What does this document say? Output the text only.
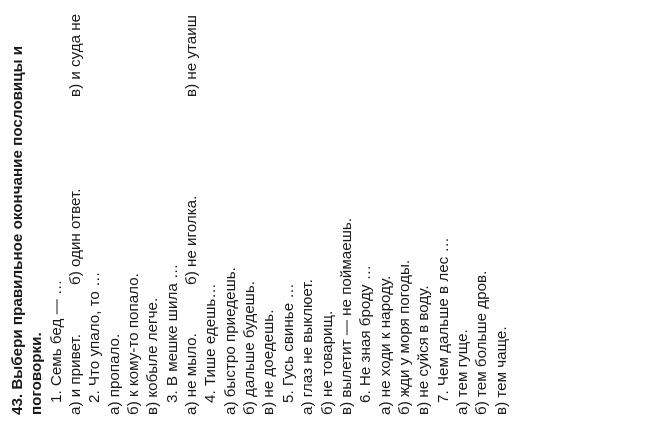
43. Выбери правильное окончание пословицы и поговорки. 1. Семь бед — … а) и привет.
б) один ответ.
в) и суда не
2. Что упало, то … а) пропало. б) к кому-то попало. в) кобыле легче. 3. В мешке шила … а) не мыло.
б) не иголка.
в) не утаиш
4. Тише едешь… а) быстро приедешь. б) дальше будешь. в) не доедешь. 5. Гусь свинье … а) глаз не выклюет. б) не товарищ. в) вылетит — не поймаешь. 6. Не зная броду … а) не ходи к народу. б) жди у моря погоды. в) не суйся в воду. 7. Чем дальше в лес … а) тем гуще. б) тем больше дров. в) тем чаще.
